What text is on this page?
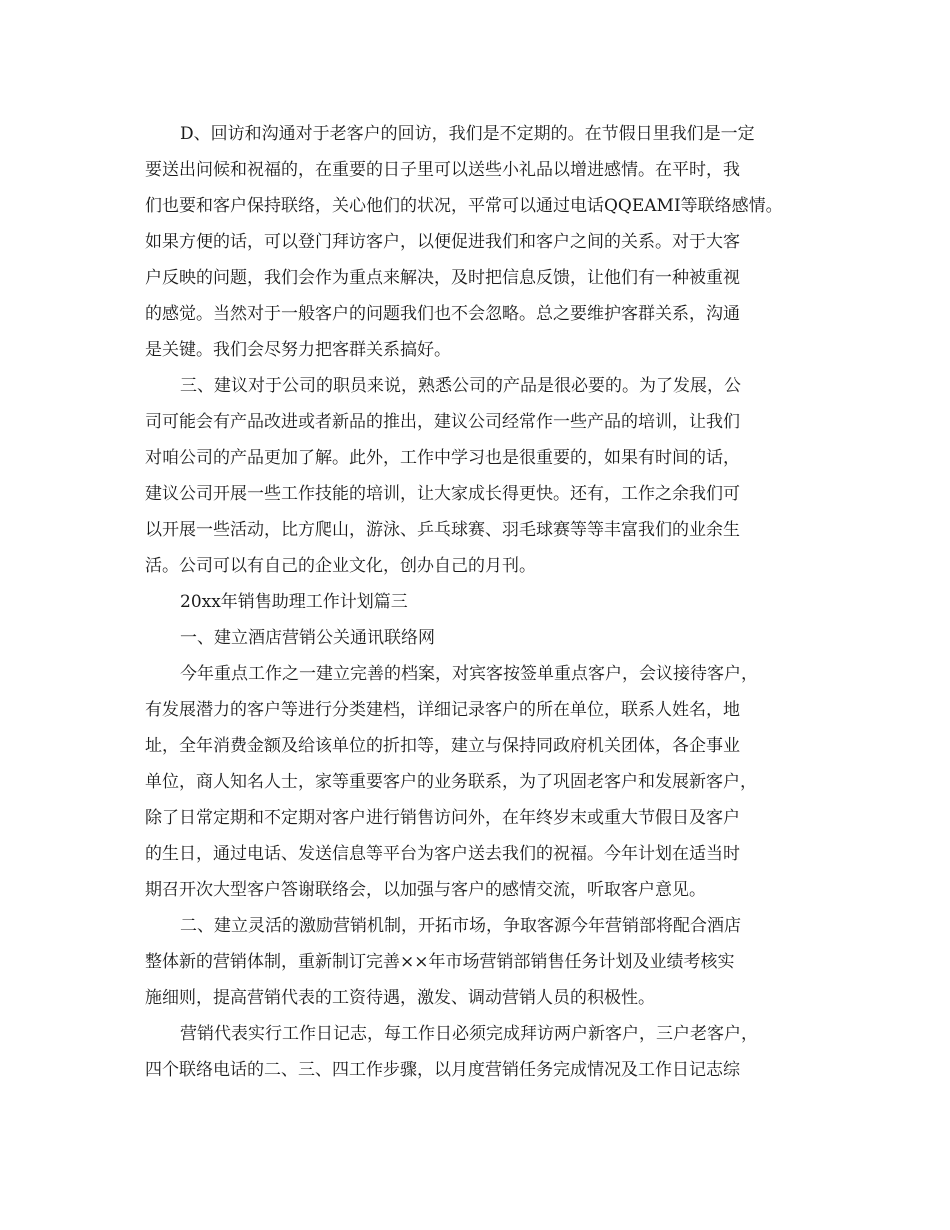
D、回访和沟通对于老客户的回访，我们是不定期的。在节假日里我们是一定
要送出问候和祝福的，在重要的日子里可以送些小礼品以增进感情。在平时，我
们也要和客户保持联络，关心他们的状况，平常可以通过电话QQEAMI等联络感情。
如果方便的话，可以登门拜访客户，以便促进我们和客户之间的关系。对于大客
户反映的问题，我们会作为重点来解决，及时把信息反馈，让他们有一种被重视
的感觉。当然对于一般客户的问题我们也不会忽略。总之要维护客群关系，沟通
是关键。我们会尽努力把客群关系搞好。
三、建议对于公司的职员来说，熟悉公司的产品是很必要的。为了发展，公
司可能会有产品改进或者新品的推出，建议公司经常作一些产品的培训，让我们
对咱公司的产品更加了解。此外，工作中学习也是很重要的，如果有时间的话，
建议公司开展一些工作技能的培训，让大家成长得更快。还有，工作之余我们可
以开展一些活动，比方爬山，游泳、乒乓球赛、羽毛球赛等等丰富我们的业余生
活。公司可以有自己的企业文化，创办自己的月刊。
20xx年销售助理工作计划篇三
一、建立酒店营销公关通讯联络网
今年重点工作之一建立完善的档案，对宾客按签单重点客户，会议接待客户，
有发展潜力的客户等进行分类建档，详细记录客户的所在单位，联系人姓名，地
址，全年消费金额及给该单位的折扣等，建立与保持同政府机关团体，各企事业
单位，商人知名人士，家等重要客户的业务联系，为了巩固老客户和发展新客户，
除了日常定期和不定期对客户进行销售访问外，在年终岁末或重大节假日及客户
的生日，通过电话、发送信息等平台为客户送去我们的祝福。今年计划在适当时
期召开次大型客户答谢联络会，以加强与客户的感情交流，听取客户意见。
二、建立灵活的激励营销机制，开拓市场，争取客源今年营销部将配合酒店
整体新的营销体制，重新制订完善××年市场营销部销售任务计划及业绩考核实
施细则，提高营销代表的工资待遇，激发、调动营销人员的积极性。
营销代表实行工作日记志，每工作日必须完成拜访两户新客户，三户老客户，
四个联络电话的二、三、四工作步骤，以月度营销任务完成情况及工作日记志综
